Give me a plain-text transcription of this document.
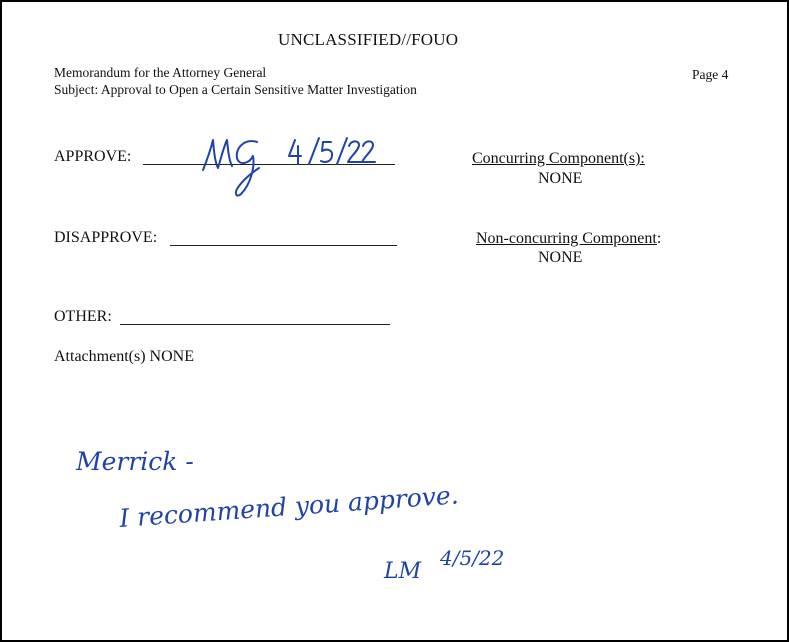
UNCLASSIFIED//FOUO
Memorandum for the Attorney General
Subject: Approval to Open a Certain Sensitive Matter Investigation
Page 4
APPROVE:	Concurring Component(s):
NONE
DISAPPROVE:	Non-concurring Component:
NONE
OTHER:
Attachment(s) NONE
Merrick -
I recommend you approve.
LM
4/5/22
